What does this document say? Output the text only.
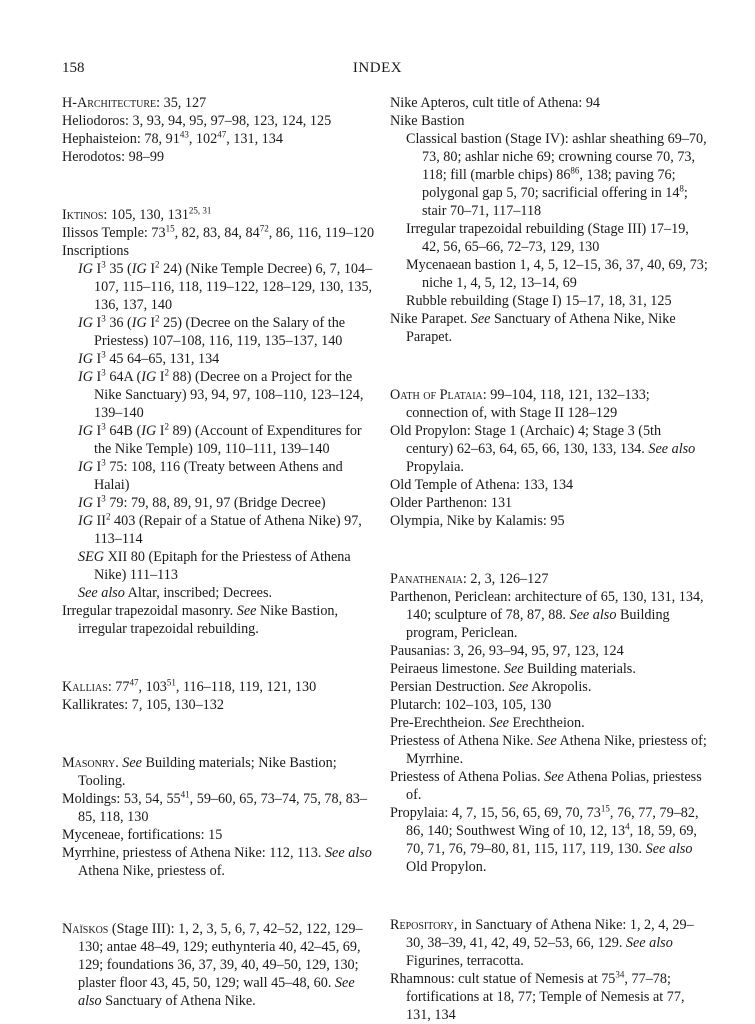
158	INDEX
H-Architecture: 35, 127
Heliodoros: 3, 93, 94, 95, 97–98, 123, 124, 125
Hephaisteion: 78, $91^{43}$, $102^{47}$, 131, 134
Herodotos: 98–99
Iktinos: 105, 130, 131$^{25, 31}$
Ilissos Temple: $73^{15}$, 82, 83, 84, $84^{72}$, 86, 116, 119–120
Inscriptions
IG $I^3$ 35 (IG $I^2$ 24) (Nike Temple Decree) 6, 7, 104–107, 115–116, 118, 119–122, 128–129, 130, 135, 136, 137, 140
IG $I^3$ 36 (IG $I^2$ 25) (Decree on the Salary of the Priestess) 107–108, 116, 119, 135–137, 140
IG $I^3$ 45 64–65, 131, 134
IG $I^3$ 64A (IG $I^2$ 88) (Decree on a Project for the Nike Sanctuary) 93, 94, 97, 108–110, 123–124, 139–140
IG $I^3$ 64B (IG $I^2$ 89) (Account of Expenditures for the Nike Temple) 109, 110–111, 139–140
IG $I^3$ 75: 108, 116 (Treaty between Athens and Halai)
IG $I^3$ 79: 79, 88, 89, 91, 97 (Bridge Decree)
IG $II^2$ 403 (Repair of a Statue of Athena Nike) 97, 113–114
SEG XII 80 (Epitaph for the Priestess of Athena Nike) 111–113
See also Altar, inscribed; Decrees.
Irregular trapezoidal masonry. See Nike Bastion, irregular trapezoidal rebuilding.
Kallias: $77^{47}$, $103^{51}$, 116–118, 119, 121, 130
Kallikrates: 7, 105, 130–132
Masonry. See Building materials; Nike Bastion; Tooling.
Moldings: 53, 54, $55^{41}$, 59–60, 65, 73–74, 75, 78, 83–85, 118, 130
Myceneae, fortifications: 15
Myrrhine, priestess of Athena Nike: 112, 113. See also Athena Nike, priestess of.
Naïskos (Stage III): 1, 2, 3, 5, 6, 7, 42–52, 122, 129–130; antae 48–49, 129; euthynteria 40, 42–45, 69, 129; foundations 36, 37, 39, 40, 49–50, 129, 130; plaster floor 43, 45, 50, 129; wall 45–48, 60. See also Sanctuary of Athena Nike.
Nike Apteros, cult title of Athena: 94
Nike Bastion
Classical bastion (Stage IV): ashlar sheathing 69–70, 73, 80; ashlar niche 69; crowning course 70, 73, 118; fill (marble chips) $86^{86}$, 138; paving 76; polygonal gap 5, 70; sacrificial offering in $14^8$; stair 70–71, 117–118
Irregular trapezoidal rebuilding (Stage III) 17–19, 42, 56, 65–66, 72–73, 129, 130
Mycenaean bastion 1, 4, 5, 12–15, 36, 37, 40, 69, 73; niche 1, 4, 5, 12, 13–14, 69
Rubble rebuilding (Stage I) 15–17, 18, 31, 125
Nike Parapet. See Sanctuary of Athena Nike, Nike Parapet.
Oath of Plataia: 99–104, 118, 121, 132–133; connection of, with Stage II 128–129
Old Propylon: Stage 1 (Archaic) 4; Stage 3 (5th century) 62–63, 64, 65, 66, 130, 133, 134. See also Propylaia.
Old Temple of Athena: 133, 134
Older Parthenon: 131
Olympia, Nike by Kalamis: 95
Panathenaia: 2, 3, 126–127
Parthenon, Periclean: architecture of 65, 130, 131, 134, 140; sculpture of 78, 87, 88. See also Building program, Periclean.
Pausanias: 3, 26, 93–94, 95, 97, 123, 124
Peiraeus limestone. See Building materials.
Persian Destruction. See Akropolis.
Plutarch: 102–103, 105, 130
Pre-Erechtheion. See Erechtheion.
Priestess of Athena Nike. See Athena Nike, priestess of; Myrrhine.
Priestess of Athena Polias. See Athena Polias, priestess of.
Propylaia: 4, 7, 15, 56, 65, 69, 70, $73^{15}$, 76, 77, 79–82, 86, 140; Southwest Wing of 10, 12, $13^4$, 18, 59, 69, 70, 71, 76, 79–80, 81, 115, 117, 119, 130. See also Old Propylon.
Repository, in Sanctuary of Athena Nike: 1, 2, 4, 29–30, 38–39, 41, 42, 49, 52–53, 66, 129. See also Figurines, terracotta.
Rhamnous: cult statue of Nemesis at $75^{34}$, 77–78; fortifications at 18, 77; Temple of Nemesis at 77, 131, 134
